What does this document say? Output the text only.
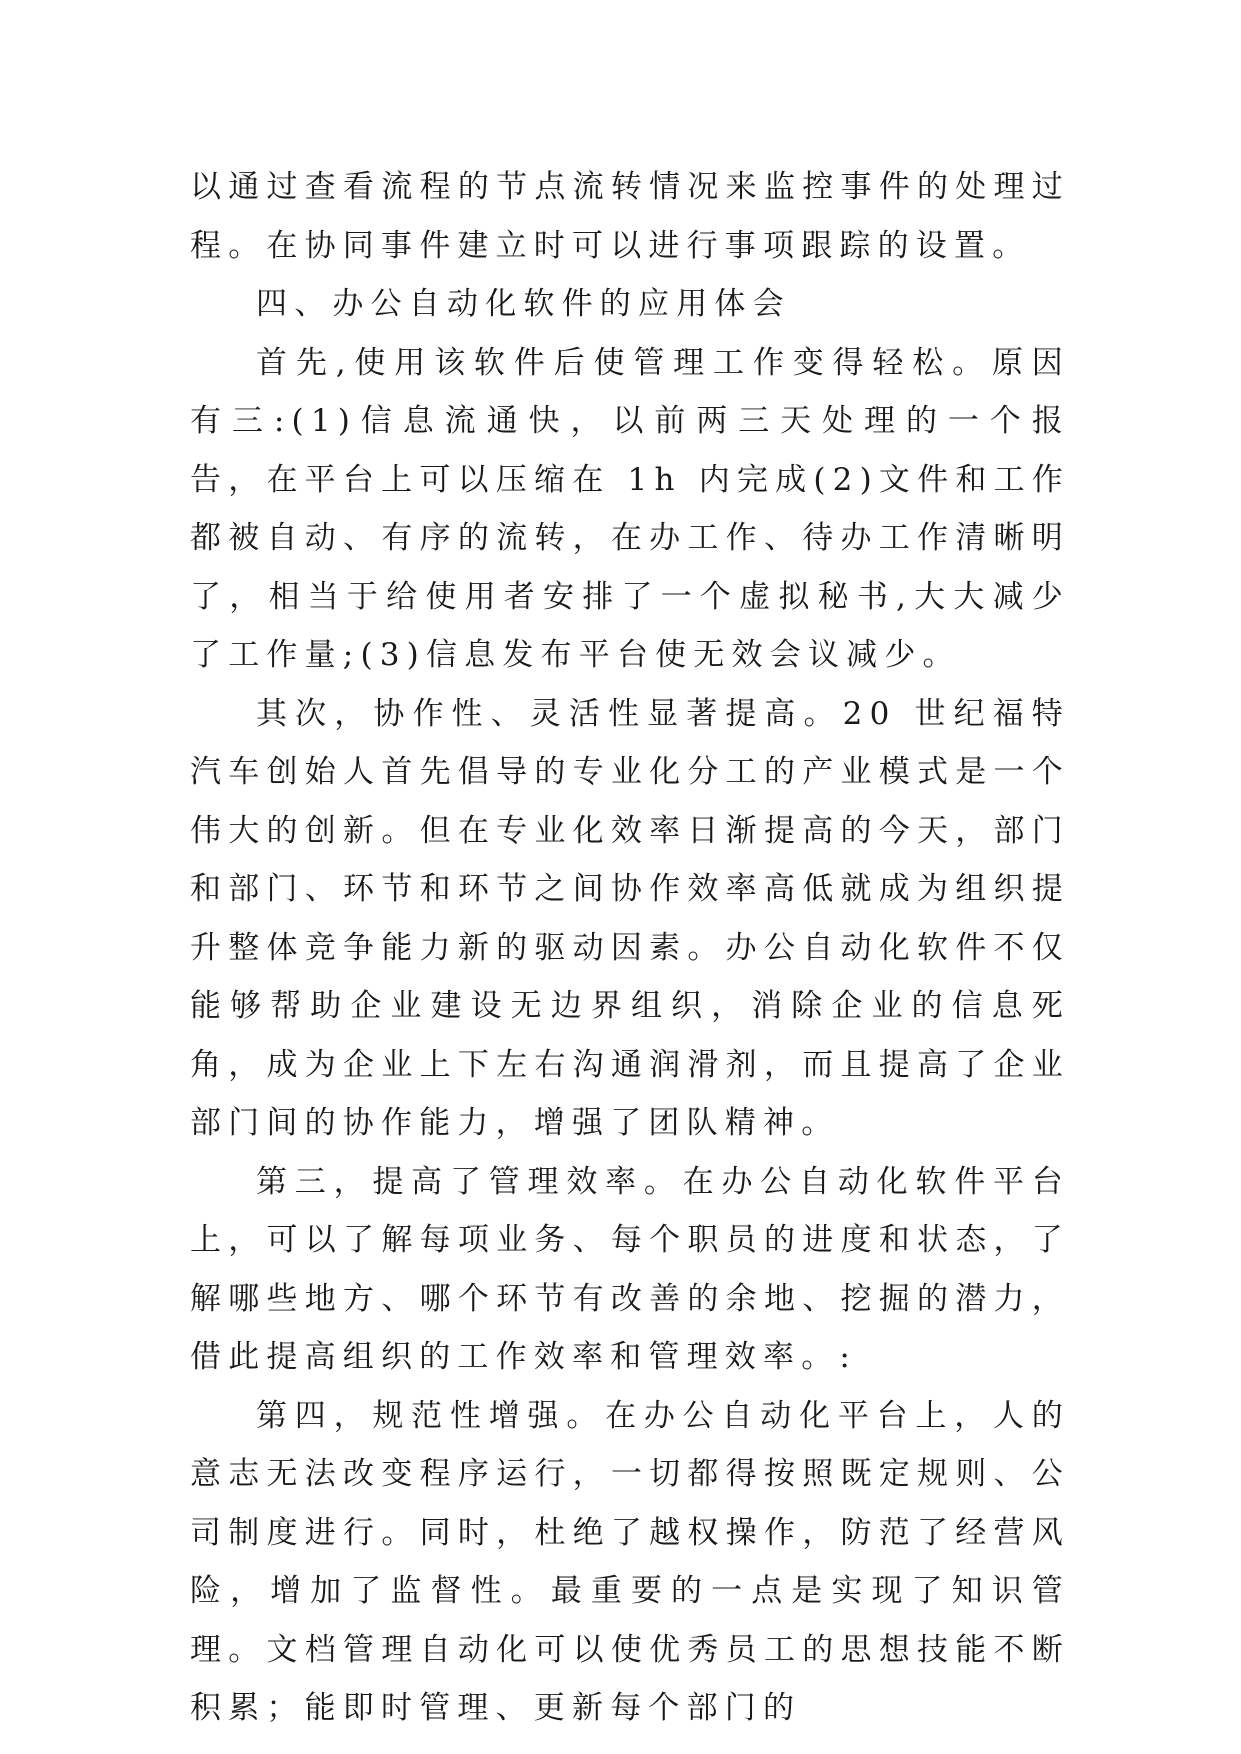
以通过查看流程的节点流转情况来监控事件的处理过程。在协同事件建立时可以进行事项跟踪的设置。

四、办公自动化软件的应用体会

首先,使用该软件后使管理工作变得轻松。原因有三:(1)信息流通快，以前两三天处理的一个报告，在平台上可以压缩在 1h 内完成(2)文件和工作都被自动、有序的流转，在办工作、待办工作清晰明了，相当于给使用者安排了一个虚拟秘书,大大减少了工作量;(3)信息发布平台使无效会议减少。

其次，协作性、灵活性显著提高。20 世纪福特汽车创始人首先倡导的专业化分工的产业模式是一个伟大的创新。但在专业化效率日渐提高的今天，部门和部门、环节和环节之间协作效率高低就成为组织提升整体竞争能力新的驱动因素。办公自动化软件不仅能够帮助企业建设无边界组织，消除企业的信息死角，成为企业上下左右沟通润滑剂，而且提高了企业部门间的协作能力，增强了团队精神。

第三，提高了管理效率。在办公自动化软件平台上，可以了解每项业务、每个职员的进度和状态，了解哪些地方、哪个环节有改善的余地、挖掘的潜力，借此提高组织的工作效率和管理效率。:

第四，规范性增强。在办公自动化平台上，人的意志无法改变程序运行，一切都得按照既定规则、公司制度进行。同时，杜绝了越权操作，防范了经营风险，增加了监督性。最重要的一点是实现了知识管理。文档管理自动化可以使优秀员工的思想技能不断积累；能即时管理、更新每个部门的
